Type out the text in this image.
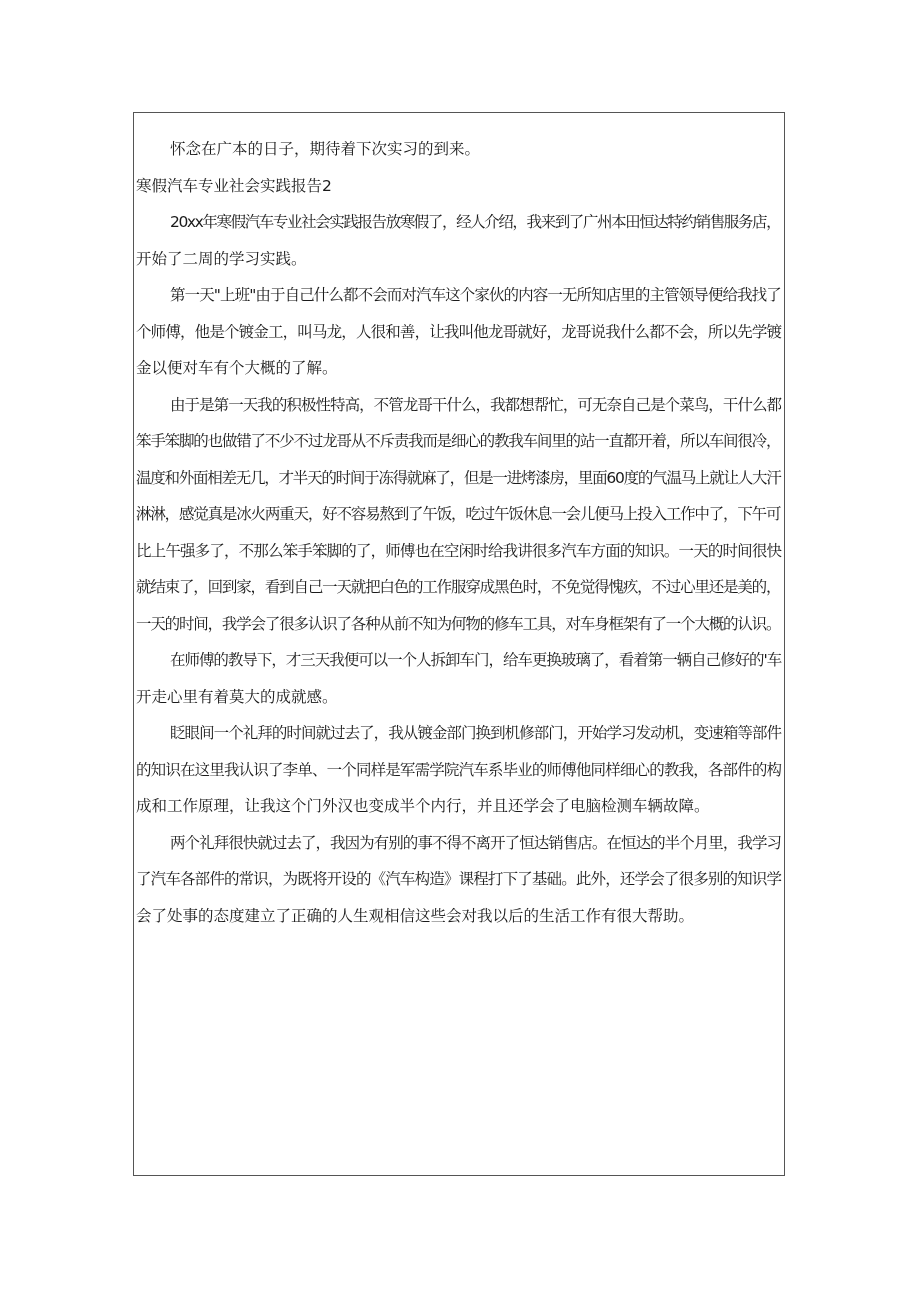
怀念在广本的日子，期待着下次实习的到来。
寒假汽车专业社会实践报告2
20xx年寒假汽车专业社会实践报告放寒假了，经人介绍，我来到了广州本田恒达特约销售服务店，
开始了二周的学习实践。
第一天"上班"由于自己什么都不会而对汽车这个家伙的内容一无所知店里的主管领导便给我找了
个师傅，他是个镀金工，叫马龙，人很和善，让我叫他龙哥就好，龙哥说我什么都不会，所以先学镀
金以便对车有个大概的了解。
由于是第一天我的积极性特高，不管龙哥干什么，我都想帮忙，可无奈自己是个菜鸟，干什么都
笨手笨脚的也做错了不少不过龙哥从不斥责我而是细心的教我车间里的站一直都开着，所以车间很冷，
温度和外面相差无几，才半天的时间于冻得就麻了，但是一进烤漆房，里面60度的气温马上就让人大汗
淋淋，感觉真是冰火两重天，好不容易熬到了午饭，吃过午饭休息一会儿便马上投入工作中了，下午可
比上午强多了，不那么笨手笨脚的了，师傅也在空闲时给我讲很多汽车方面的知识。一天的时间很快
就结束了，回到家，看到自己一天就把白色的工作服穿成黑色时，不免觉得愧疚，不过心里还是美的，
一天的时间，我学会了很多认识了各种从前不知为何物的修车工具，对车身框架有了一个大概的认识。
在师傅的教导下，才三天我便可以一个人拆卸车门，给车更换玻璃了，看着第一辆自己修好的'车
开走心里有着莫大的成就感。
眨眼间一个礼拜的时间就过去了，我从镀金部门换到机修部门，开始学习发动机，变速箱等部件
的知识在这里我认识了李单、一个同样是军需学院汽车系毕业的师傅他同样细心的教我，各部件的构
成和工作原理，让我这个门外汉也变成半个内行，并且还学会了电脑检测车辆故障。
两个礼拜很快就过去了，我因为有别的事不得不离开了恒达销售店。在恒达的半个月里，我学习
了汽车各部件的常识，为既将开设的《汽车构造》课程打下了基础。此外，还学会了很多别的知识学
会了处事的态度建立了正确的人生观相信这些会对我以后的生活工作有很大帮助。
